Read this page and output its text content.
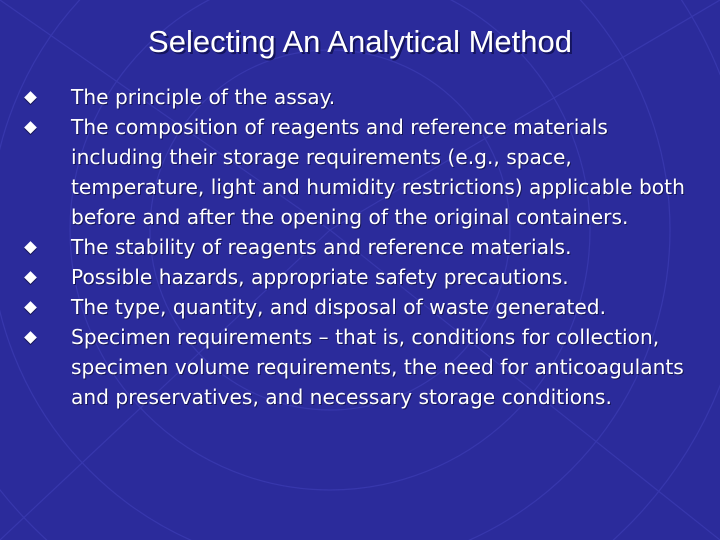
Selecting An Analytical Method
The principle of the assay.
The composition of reagents and reference materials including their storage requirements (e.g., space, temperature, light and humidity restrictions) applicable both before and after the opening of the original containers.
The stability of reagents and reference materials.
Possible hazards, appropriate safety precautions.
The type, quantity, and disposal of waste generated.
Specimen requirements – that is, conditions for collection, specimen volume requirements, the need for anticoagulants and preservatives, and necessary storage conditions.
